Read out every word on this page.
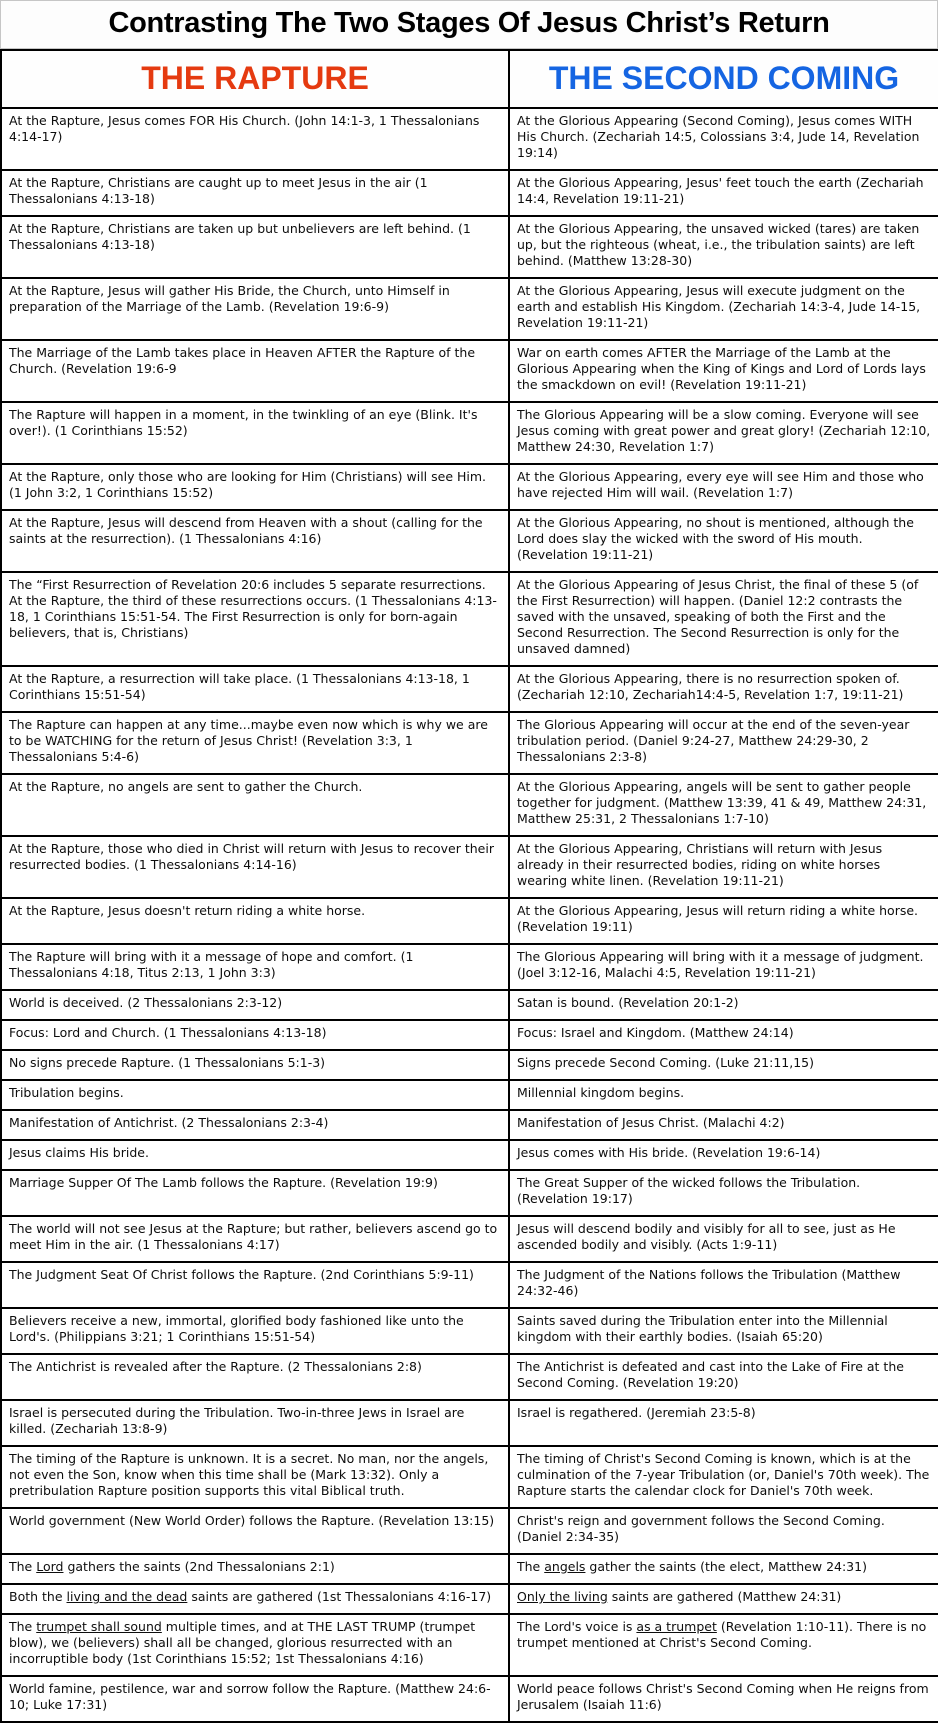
Contrasting The Two Stages Of Jesus Christ’s Return
THE RAPTURE	THE SECOND COMING
At the Rapture, Jesus comes FOR His Church. (John 14:1-3, 1 Thessalonians 4:14-17)	At the Glorious Appearing (Second Coming), Jesus comes WITH His Church. (Zechariah 14:5, Colossians 3:4, Jude 14, Revelation 19:14)
At the Rapture, Christians are caught up to meet Jesus in the air (1 Thessalonians 4:13-18)	At the Glorious Appearing, Jesus' feet touch the earth (Zechariah 14:4, Revelation 19:11-21)
At the Rapture, Christians are taken up but unbelievers are left behind. (1 Thessalonians 4:13-18)	At the Glorious Appearing, the unsaved wicked (tares) are taken up, but the righteous (wheat, i.e., the tribulation saints) are left behind. (Matthew 13:28-30)
At the Rapture, Jesus will gather His Bride, the Church, unto Himself in preparation of the Marriage of the Lamb. (Revelation 19:6-9)	At the Glorious Appearing, Jesus will execute judgment on the earth and establish His Kingdom. (Zechariah 14:3-4, Jude 14-15, Revelation 19:11-21)
The Marriage of the Lamb takes place in Heaven AFTER the Rapture of the Church. (Revelation 19:6-9	War on earth comes AFTER the Marriage of the Lamb at the Glorious Appearing when the King of Kings and Lord of Lords lays the smackdown on evil! (Revelation 19:11-21)
The Rapture will happen in a moment, in the twinkling of an eye (Blink. It's over!). (1 Corinthians 15:52)	The Glorious Appearing will be a slow coming. Everyone will see Jesus coming with great power and great glory! (Zechariah 12:10, Matthew 24:30, Revelation 1:7)
At the Rapture, only those who are looking for Him (Christians) will see Him. (1 John 3:2, 1 Corinthians 15:52)	At the Glorious Appearing, every eye will see Him and those who have rejected Him will wail. (Revelation 1:7)
At the Rapture, Jesus will descend from Heaven with a shout (calling for the saints at the resurrection). (1 Thessalonians 4:16)	At the Glorious Appearing, no shout is mentioned, although the Lord does slay the wicked with the sword of His mouth. (Revelation 19:11-21)
The “First Resurrection of Revelation 20:6 includes 5 separate resurrections. At the Rapture, the third of these resurrections occurs. (1 Thessalonians 4:13-18, 1 Corinthians 15:51-54. The First Resurrection is only for born-again believers, that is, Christians)	At the Glorious Appearing of Jesus Christ, the final of these 5 (of the First Resurrection) will happen. (Daniel 12:2 contrasts the saved with the unsaved, speaking of both the First and the Second Resurrection. The Second Resurrection is only for the unsaved damned)
At the Rapture, a resurrection will take place. (1 Thessalonians 4:13-18, 1 Corinthians 15:51-54)	At the Glorious Appearing, there is no resurrection spoken of. (Zechariah 12:10, Zechariah14:4-5, Revelation 1:7, 19:11-21)
The Rapture can happen at any time...maybe even now which is why we are to be WATCHING for the return of Jesus Christ! (Revelation 3:3, 1 Thessalonians 5:4-6)	The Glorious Appearing will occur at the end of the seven-year tribulation period. (Daniel 9:24-27, Matthew 24:29-30, 2 Thessalonians 2:3-8)
At the Rapture, no angels are sent to gather the Church.	At the Glorious Appearing, angels will be sent to gather people together for judgment. (Matthew 13:39, 41 & 49, Matthew 24:31, Matthew 25:31, 2 Thessalonians 1:7-10)
At the Rapture, those who died in Christ will return with Jesus to recover their resurrected bodies. (1 Thessalonians 4:14-16)	At the Glorious Appearing, Christians will return with Jesus already in their resurrected bodies, riding on white horses wearing white linen. (Revelation 19:11-21)
At the Rapture, Jesus doesn't return riding a white horse.	At the Glorious Appearing, Jesus will return riding a white horse. (Revelation 19:11)
The Rapture will bring with it a message of hope and comfort. (1 Thessalonians 4:18, Titus 2:13, 1 John 3:3)	The Glorious Appearing will bring with it a message of judgment. (Joel 3:12-16, Malachi 4:5, Revelation 19:11-21)
World is deceived. (2 Thessalonians 2:3-12)	Satan is bound. (Revelation 20:1-2)
Focus: Lord and Church. (1 Thessalonians 4:13-18)	Focus: Israel and Kingdom. (Matthew 24:14)
No signs precede Rapture. (1 Thessalonians 5:1-3)	Signs precede Second Coming. (Luke 21:11,15)
Tribulation begins.	Millennial kingdom begins.
Manifestation of Antichrist. (2 Thessalonians 2:3-4)	Manifestation of Jesus Christ. (Malachi 4:2)
Jesus claims His bride.	Jesus comes with His bride. (Revelation 19:6-14)
Marriage Supper Of The Lamb follows the Rapture. (Revelation 19:9)	The Great Supper of the wicked follows the Tribulation. (Revelation 19:17)
The world will not see Jesus at the Rapture; but rather, believers ascend go to meet Him in the air. (1 Thessalonians 4:17)	Jesus will descend bodily and visibly for all to see, just as He ascended bodily and visibly. (Acts 1:9-11)
The Judgment Seat Of Christ follows the Rapture. (2nd Corinthians 5:9-11)	The Judgment of the Nations follows the Tribulation (Matthew 24:32-46)
Believers receive a new, immortal, glorified body fashioned like unto the Lord's. (Philippians 3:21; 1 Corinthians 15:51-54)	Saints saved during the Tribulation enter into the Millennial kingdom with their earthly bodies. (Isaiah 65:20)
The Antichrist is revealed after the Rapture. (2 Thessalonians 2:8)	The Antichrist is defeated and cast into the Lake of Fire at the Second Coming. (Revelation 19:20)
Israel is persecuted during the Tribulation. Two-in-three Jews in Israel are killed. (Zechariah 13:8-9)	Israel is regathered. (Jeremiah 23:5-8)
The timing of the Rapture is unknown. It is a secret. No man, nor the angels, not even the Son, know when this time shall be (Mark 13:32). Only a pretribulation Rapture position supports this vital Biblical truth.	The timing of Christ's Second Coming is known, which is at the culmination of the 7-year Tribulation (or, Daniel's 70th week). The Rapture starts the calendar clock for Daniel's 70th week.
World government (New World Order) follows the Rapture. (Revelation 13:15)	Christ's reign and government follows the Second Coming. (Daniel 2:34-35)
The Lord gathers the saints (2nd Thessalonians 2:1)	The angels gather the saints (the elect, Matthew 24:31)
Both the living and the dead saints are gathered (1st Thessalonians 4:16-17)	Only the living saints are gathered (Matthew 24:31)
The trumpet shall sound multiple times, and at THE LAST TRUMP (trumpet blow), we (believers) shall all be changed, glorious resurrected with an incorruptible body (1st Corinthians 15:52; 1st Thessalonians 4:16)	The Lord's voice is as a trumpet (Revelation 1:10-11). There is no trumpet mentioned at Christ's Second Coming.
World famine, pestilence, war and sorrow follow the Rapture. (Matthew 24:6-10; Luke 17:31)	World peace follows Christ's Second Coming when He reigns from Jerusalem (Isaiah 11:6)
